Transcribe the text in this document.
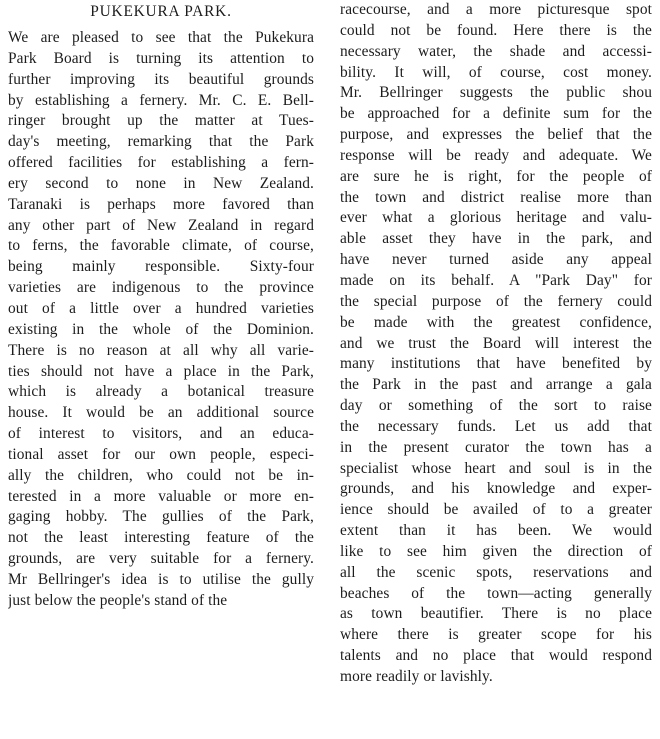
PUKEKURA PARK.
We are pleased to see that the Pukekura
Park Board is turning its attention to
further improving its beautiful grounds
by establishing a fernery. Mr. C. E. Bell-
ringer brought up the matter at Tues-
day's meeting, remarking that the Park
offered facilities for establishing a fern-
ery second to none in New Zealand.
Taranaki is perhaps more favored than
any other part of New Zealand in regard
to ferns, the favorable climate, of course,
being mainly responsible. Sixty-four
varieties are indigenous to the province
out of a little over a hundred varieties
existing in the whole of the Dominion.
There is no reason at all why all varie-
ties should not have a place in the Park,
which is already a botanical treasure
house. It would be an additional source
of interest to visitors, and an educa-
tional asset for our own people, especi-
ally the children, who could not be in-
terested in a more valuable or more en-
gaging hobby. The gullies of the Park,
not the least interesting feature of the
grounds, are very suitable for a fernery.
Mr Bellringer's idea is to utilise the gully
just below the people's stand of the
racecourse, and a more picturesque spot
could not be found. Here there is the
necessary water, the shade and accessi-
bility. It will, of course, cost money.
Mr. Bellringer suggests the public shou
be approached for a definite sum for the
purpose, and expresses the belief that the
response will be ready and adequate. We
are sure he is right, for the people of
the town and district realise more than
ever what a glorious heritage and valu-
able asset they have in the park, and
have never turned aside any appeal
made on its behalf. A "Park Day" for
the special purpose of the fernery could
be made with the greatest confidence,
and we trust the Board will interest the
many institutions that have benefited by
the Park in the past and arrange a gala
day or something of the sort to raise
the necessary funds. Let us add that
in the present curator the town has a
specialist whose heart and soul is in the
grounds, and his knowledge and exper-
ience should be availed of to a greater
extent than it has been. We would
like to see him given the direction of
all the scenic spots, reservations and
beaches of the town—acting generally
as town beautifier. There is no place
where there is greater scope for his
talents and no place that would respond
more readily or lavishly.
